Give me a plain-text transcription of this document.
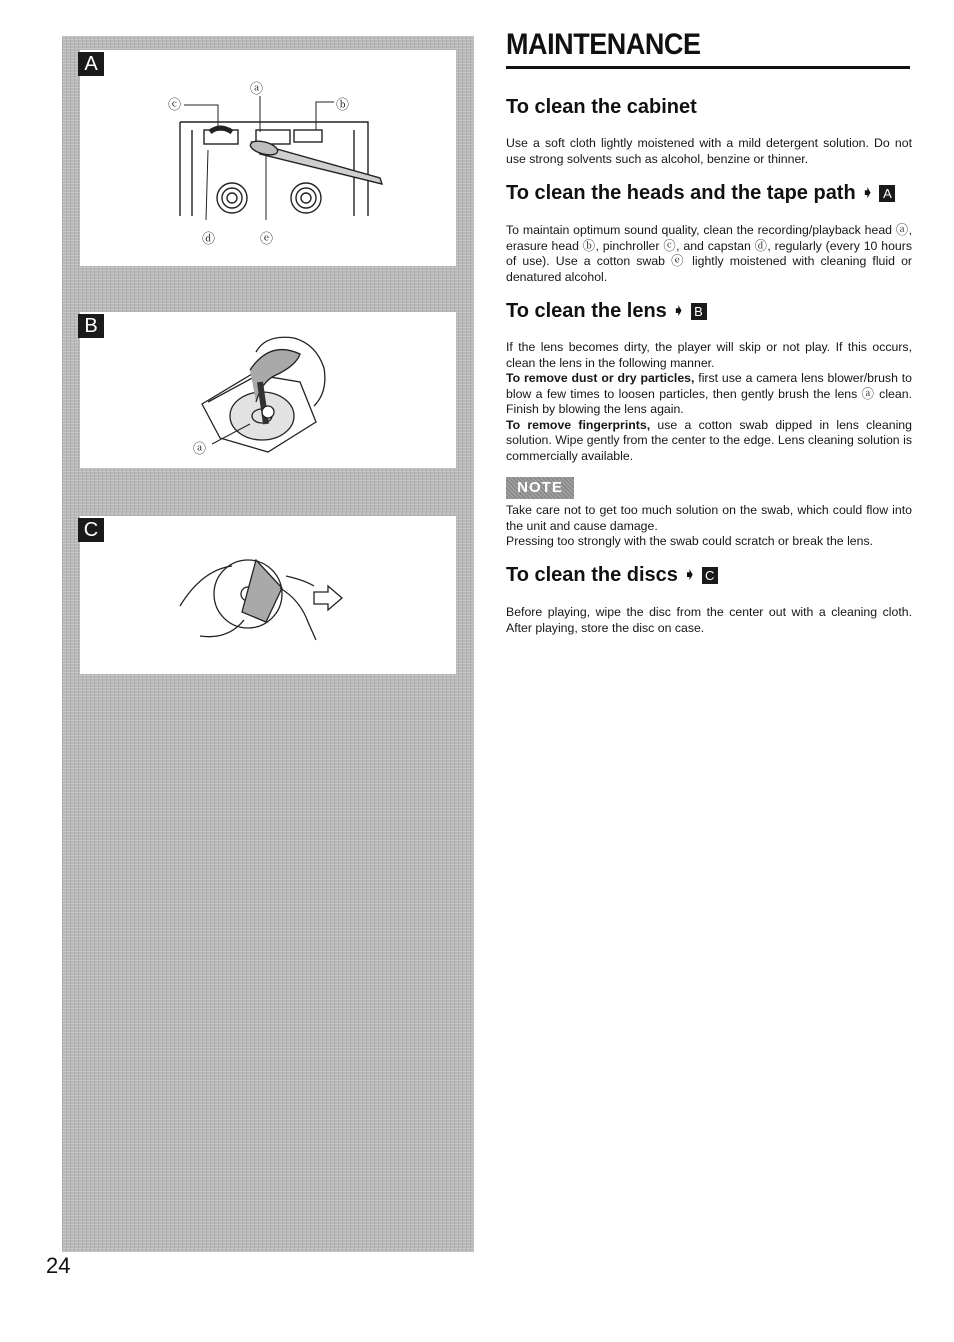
A
ⓐ
ⓒ	ⓑ
ⓓ	ⓔ
B
ⓐ
C
24
MAINTENANCE
To clean the cabinet

Use a soft cloth lightly moistened with a mild detergent solution. Do not use strong solvents such as alcohol, benzine or thinner.

To clean the heads and the tape path ➧ A

To maintain optimum sound quality, clean the recording/playback head ⓐ, erasure head ⓑ, pinchroller ⓒ, and capstan ⓓ, regularly (every 10 hours of use). Use a cotton swab ⓔ lightly moistened with cleaning fluid or denatured alcohol.

To clean the lens ➧ B

If the lens becomes dirty, the player will skip or not play. If this occurs, clean the lens in the following manner.

To remove dust or dry particles, first use a camera lens blower/brush to blow a few times to loosen particles, then gently brush the lens ⓐ clean. Finish by blowing the lens again.

To remove fingerprints, use a cotton swab dipped in lens cleaning solution. Wipe gently from the center to the edge. Lens cleaning solution is commercially available.

NOTE

Take care not to get too much solution on the swab, which could flow into the unit and cause damage.

Pressing too strongly with the swab could scratch or break the lens.

To clean the discs ➧ C

Before playing, wipe the disc from the center out with a cleaning cloth. After playing, store the disc on case.
